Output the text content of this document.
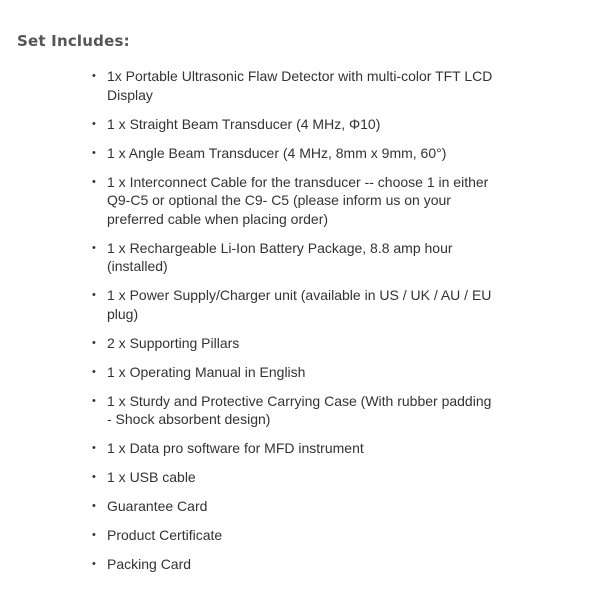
Set Includes:
• 1x Portable Ultrasonic Flaw Detector with multi-color TFT LCD Display
• 1 x Straight Beam Transducer (4 MHz, Φ10)
• 1 x Angle Beam Transducer (4 MHz, 8mm x 9mm, 60°)
• 1 x Interconnect Cable for the transducer -- choose 1 in either Q9-C5 or optional the C9- C5 (please inform us on your preferred cable when placing order)
• 1 x Rechargeable Li-Ion Battery Package, 8.8 amp hour (installed)
• 1 x Power Supply/Charger unit (available in US / UK / AU / EU plug)
• 2 x Supporting Pillars
• 1 x Operating Manual in English
• 1 x Sturdy and Protective Carrying Case (With rubber padding - Shock absorbent design)
• 1 x Data pro software for MFD instrument
• 1 x USB cable
• Guarantee Card
• Product Certificate
• Packing Card
